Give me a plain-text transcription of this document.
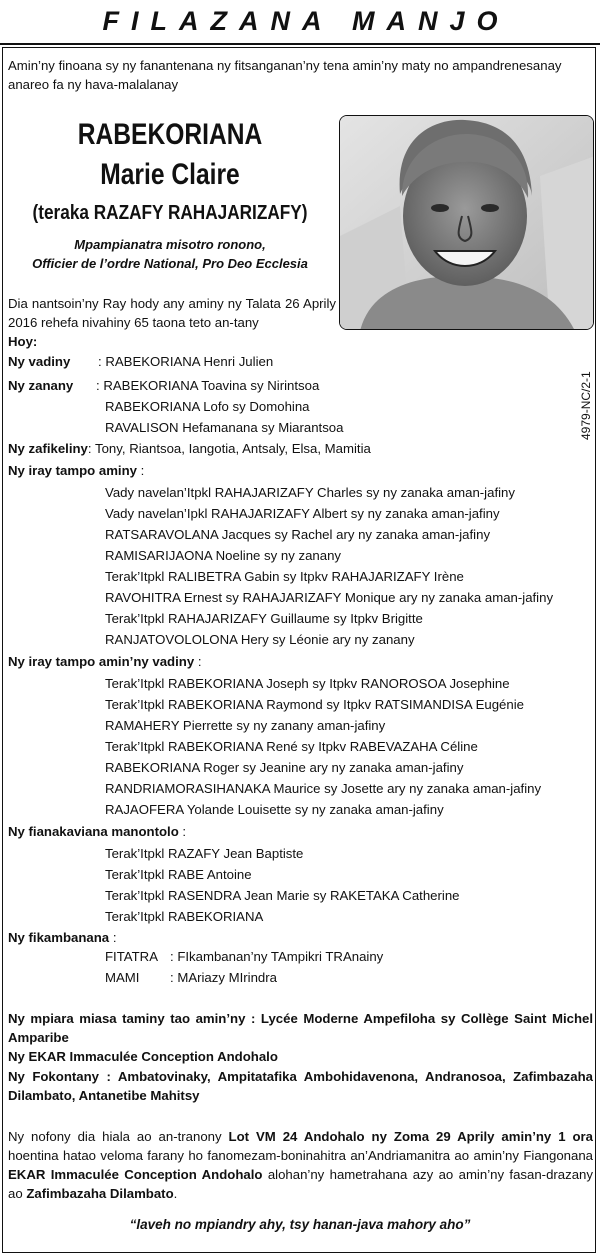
FILAZANA MANJO
Amin’ny finoana sy ny fanantenana ny fitsanganan’ny tena amin’ny maty no ampandrenesanay anareo fa ny hava-malalanay
RABEKORIANA
Marie Claire
(teraka RAZAFY RAHAJARIZAFY)
Mpampianatra misotro ronono,
Officier de l’ordre National, Pro Deo Ecclesia
Dia nantsoin’ny Ray hody any aminy ny Talata 26 Aprily 2016 rehefa nivahiny 65 taona teto an-tany
4979-NC/2-1
Hoy:
Ny vadiny : RABEKORIANA Henri Julien
Ny zanany : RABEKORIANA Toavina sy Nirintsoa
RABEKORIANA Lofo sy Domohina
RAVALISON Hefamanana sy Miarantsoa
Ny zafikeliny: Tony, Riantsoa, Iangotia, Antsaly, Elsa, Mamitia
Ny iray tampo aminy :
Vady navelan’Itpkl RAHAJARIZAFY Charles sy ny zanaka aman-jafiny
Vady navelan’Ipkl RAHAJARIZAFY Albert sy ny zanaka aman-jafiny
RATSARAVOLANA Jacques sy Rachel ary ny zanaka aman-jafiny
RAMISARIJAONA Noeline sy ny zanany
Terak’Itpkl RALIBETRA Gabin sy Itpkv RAHAJARIZAFY Irène
RAVOHITRA Ernest sy RAHAJARIZAFY Monique ary ny zanaka aman-jafiny
Terak’Itpkl RAHAJARIZAFY Guillaume sy Itpkv Brigitte
RANJATOVOLOLONA Hery sy Léonie ary ny zanany
Ny iray tampo amin’ny vadiny :
Terak’Itpkl RABEKORIANA Joseph sy Itpkv RANOROSOA Josephine
Terak’Itpkl RABEKORIANA Raymond sy Itpkv RATSIMANDISA Eugénie
RAMAHERY Pierrette sy ny zanany aman-jafiny
Terak’Itpkl RABEKORIANA René sy Itpkv RABEVAZAHA Céline
RABEKORIANA Roger sy Jeanine ary ny zanaka aman-jafiny
RANDRIAMORASIHANAKA Maurice sy Josette ary ny zanaka aman-jafiny
RAJAOFERA Yolande Louisette sy ny zanaka aman-jafiny
Ny fianakaviana manontolo :
Terak’Itpkl RAZAFY Jean Baptiste
Terak’Itpkl RABE Antoine
Terak’Itpkl RASENDRA Jean Marie sy RAKETAKA Catherine
Terak’Itpkl RABEKORIANA
Ny fikambanana :
FITATRA : FIkambanan’ny TAmpikri TRAnainy
MAMI : MAriazy MIrindra
Ny mpiara miasa taminy tao amin’ny : Lycée Moderne Ampefiloha sy Collège Saint Michel Amparibe
Ny EKAR Immaculée Conception Andohalo
Ny Fokontany : Ambatovinaky, Ampitatafika Ambohidavenona, Andranosoa, Zafimbazaha Dilambato, Antanetibe Mahitsy
Ny nofony dia hiala ao an-tranony Lot VM 24 Andohalo ny Zoma 29 Aprily amin’ny 1 ora hoentina hatao veloma farany ho fanomezam-boninahitra an’Andriamanitra ao amin’ny Fiangonana EKAR Immaculée Conception Andohalo alohan’ny hametrahana azy ao amin’ny fasan-drazany ao Zafimbazaha Dilambato.
“laveh no mpiandry ahy, tsy hanan-java mahory aho”
